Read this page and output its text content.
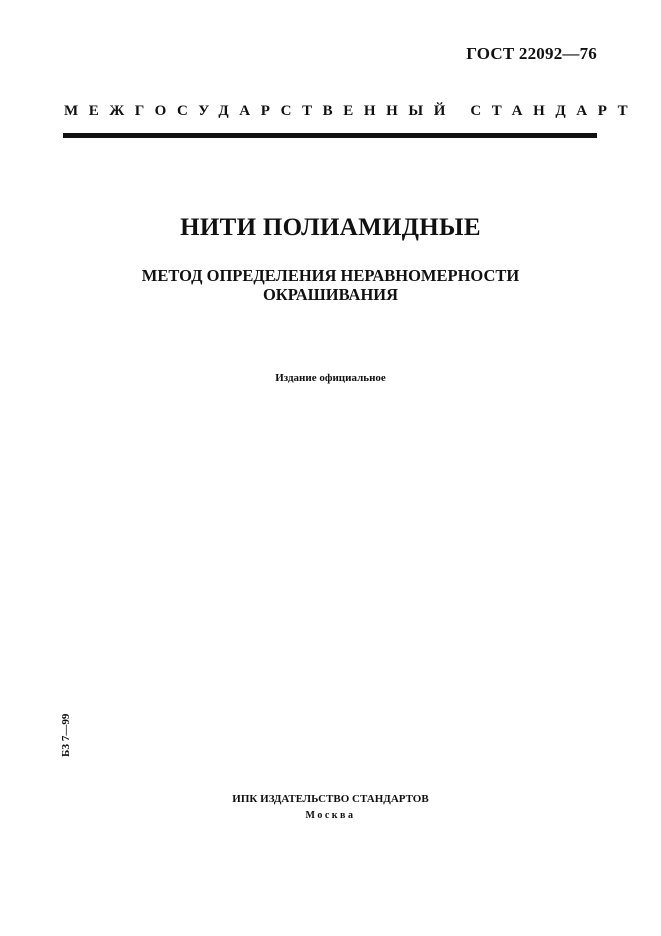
ГОСТ 22092—76
МЕЖГОСУДАРСТВЕННЫЙ СТАНДАРТ
НИТИ ПОЛИАМИДНЫЕ
МЕТОД ОПРЕДЕЛЕНИЯ НЕРАВНОМЕРНОСТИ
ОКРАШИВАНИЯ
Издание официальное
БЗ 7—99
ИПК ИЗДАТЕЛЬСТВО СТАНДАРТОВ
Москва
